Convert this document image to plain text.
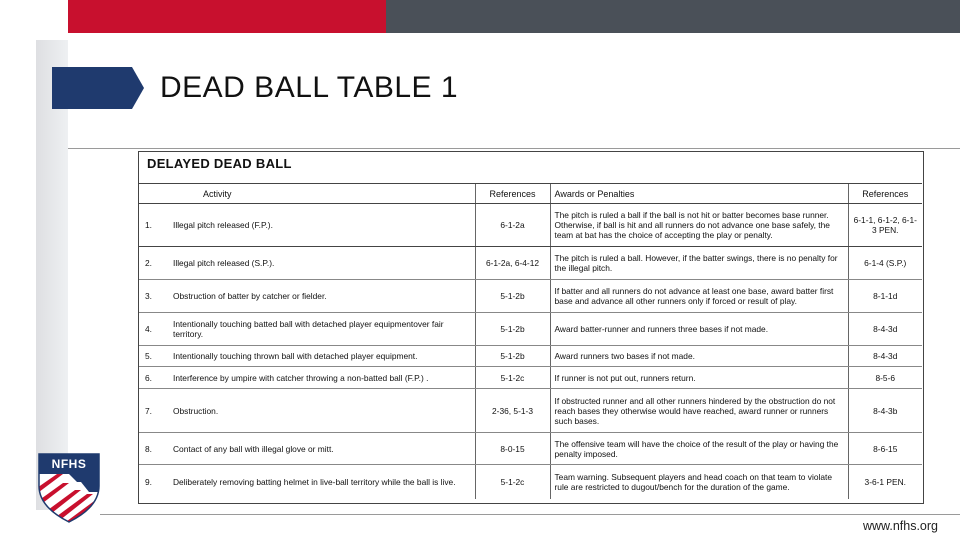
DEAD BALL TABLE 1
DELAYED DEAD BALL
	Activity	References	Awards or Penalties	References
1.	Illegal pitch released (F.P.).	6-1-2a	The pitch is ruled a ball if the ball is not hit or batter becomes base runner. Otherwise, if ball is hit and all runners do not advance one base safely, the team at bat has the choice of accepting the play or penalty.	6-1-1, 6-1-2, 6-1-3 PEN.
2.	Illegal pitch released (S.P.).	6-1-2a, 6-4-12	The pitch is ruled a ball. However, if the batter swings, there is no penalty for the illegal pitch.	6-1-4 (S.P.)
3.	Obstruction of batter by catcher or fielder.	5-1-2b	If batter and all runners do not advance at least one base, award batter first base and advance all other runners only if forced or result of play.	8-1-1d
4.	Intentionally touching batted ball with detached player equipmentover fair territory.	5-1-2b	Award batter-runner and runners three bases if not made.	8-4-3d
5.	Intentionally touching thrown ball with detached player equipment.	5-1-2b	Award runners two bases if not made.	8-4-3d
6.	Interference by umpire with catcher throwing a non-batted ball (F.P.) .	5-1-2c	If runner is not put out, runners return.	8-5-6
7.	Obstruction.	2-36, 5-1-3	If obstructed runner and all other runners hindered by the obstruction do not reach bases they otherwise would have reached, award runner or runners such bases.	8-4-3b
8.	Contact of any ball with illegal glove or mitt.	8-0-15	The offensive team will have the choice of the result of the play or having the penalty imposed.	8-6-15
9.	Deliberately removing batting helmet in live-ball territory while the ball is live.	5-1-2c	Team warning. Subsequent players and head coach on that team to violate rule are restricted to dugout/bench for the duration of the game.	3-6-1 PEN.
NFHS
www.nfhs.org
